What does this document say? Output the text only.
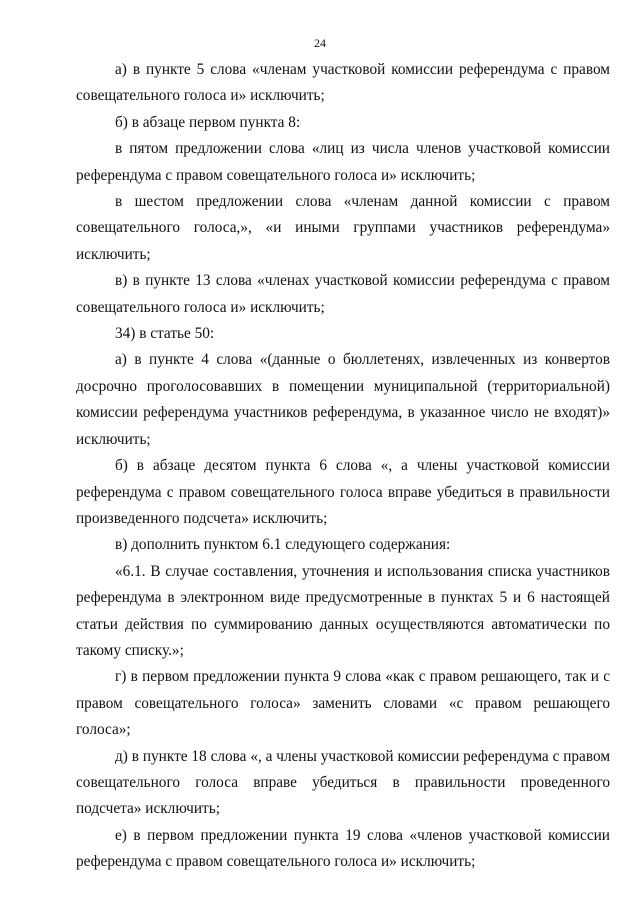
24

а) в пункте 5 слова «членам участковой комиссии референдума с правом совещательного голоса и» исключить;

б) в абзаце первом пункта 8:

в пятом предложении слова «лиц из числа членов участковой комиссии референдума с правом совещательного голоса и» исключить;

в шестом предложении слова «членам данной комиссии с правом совещательного голоса,», «и иными группами участников референдума» исключить;

в) в пункте 13 слова «членах участковой комиссии референдума с правом совещательного голоса и» исключить;

34) в статье 50:

а) в пункте 4 слова «(данные о бюллетенях, извлеченных из конвертов досрочно проголосовавших в помещении муниципальной (территориальной) комиссии референдума участников референдума, в указанное число не входят)» исключить;

б) в абзаце десятом пункта 6 слова «, а члены участковой комиссии референдума с правом совещательного голоса вправе убедиться в правильности произведенного подсчета» исключить;

в) дополнить пунктом 6.1 следующего содержания:

«6.1. В случае составления, уточнения и использования списка участников референдума в электронном виде предусмотренные в пунктах 5 и 6 настоящей статьи действия по суммированию данных осуществляются автоматически по такому списку.»;

г) в первом предложении пункта 9 слова «как с правом решающего, так и с правом совещательного голоса» заменить словами «с правом решающего голоса»;

д) в пункте 18 слова «, а члены участковой комиссии референдума с правом совещательного голоса вправе убедиться в правильности проведенного подсчета» исключить;

е) в первом предложении пункта 19 слова «членов участковой комиссии референдума с правом совещательного голоса и» исключить;
